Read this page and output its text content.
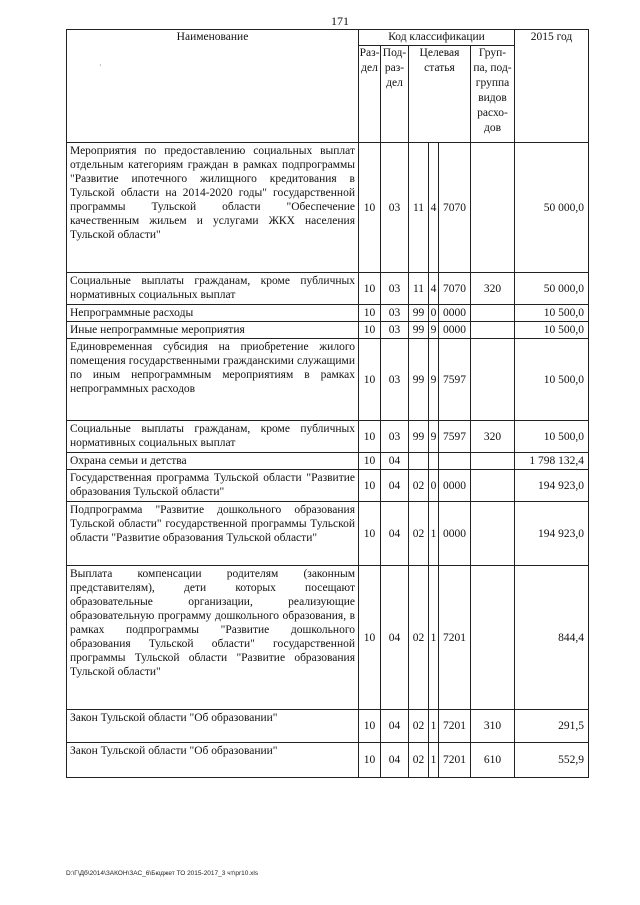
171
·
Наименование	Код классификации						2015 год
	Раз- дел	Под- раз- дел	Целевая статья			Груп- па, под- группа видов расхо- дов	
Мероприятия по предоставлению социальных выплат отдельным категориям граждан в рамках подпрограммы "Развитие ипотечного жилищного кредитования в Тульской области на 2014-2020 годы" государственной программы Тульской области "Обеспечение качественным жильем и услугами ЖКХ населения Тульской области"	10	03	11	4	7070		50 000,0
Социальные выплаты гражданам, кроме публичных нормативных социальных выплат	10	03	11	4	7070	320	50 000,0
Непрограммные расходы	10	03	99	0	0000		10 500,0
Иные непрограммные мероприятия	10	03	99	9	0000		10 500,0
Единовременная субсидия на приобретение жилого помещения государственными гражданскими служащими по иным непрограммным мероприятиям в рамках непрограммных расходов	10	03	99	9	7597		10 500,0
Социальные выплаты гражданам, кроме публичных нормативных социальных выплат	10	03	99	9	7597	320	10 500,0
Охрана семьи и детства	10	04					1 798 132,4
Государственная программа Тульской области "Развитие образования Тульской области"	10	04	02	0	0000		194 923,0
Подпрограмма "Развитие дошкольного образования Тульской области" государственной программы Тульской области "Развитие образования Тульской области"	10	04	02	1	0000		194 923,0
Выплата компенсации родителям (законным представителям), дети которых посещают образовательные организации, реализующие образовательную программу дошкольного образования, в рамках подпрограммы "Развитие дошкольного образования Тульской области" государственной программы Тульской области "Развитие образования Тульской области"	10	04	02	1	7201		844,4
Закон Тульской области "Об образовании"	10	04	02	1	7201	310	291,5
Закон Тульской области "Об образовании"	10	04	02	1	7201	610	552,9
D:\Г\Дб\2014\ЗАКОН\ЗАС_6\Бюджет ТО 2015-2017_3 чт\pr10.xls
